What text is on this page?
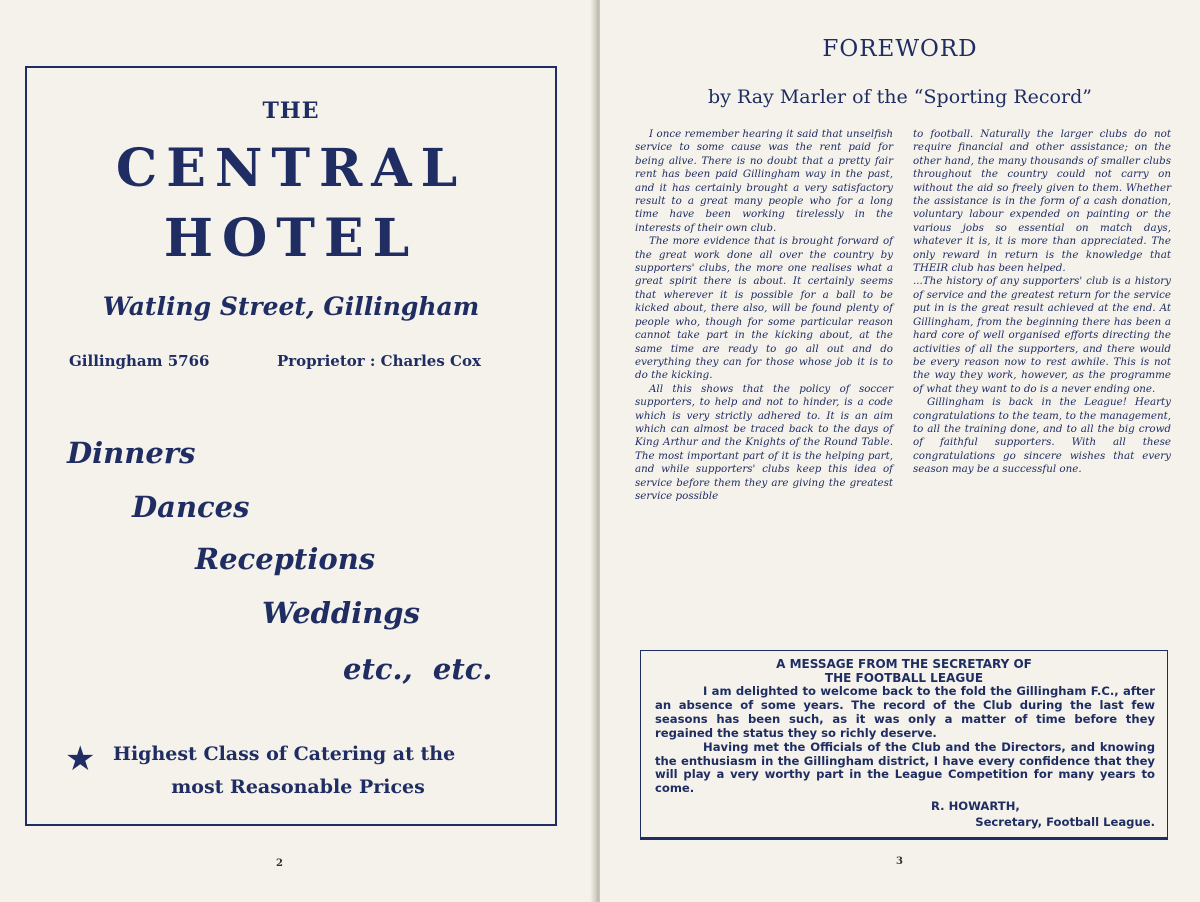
THE
CENTRAL
HOTEL
Watling Street, Gillingham
Gillingham 5766	Proprietor : Charles Cox
Dinners
Dances
Receptions
Weddings
etc.,  etc.
★ Highest Class of Catering at the
most Reasonable Prices
2
FOREWORD
by Ray Marler of the “Sporting Record”

I once remember hearing it said that unselfish service to some cause was the rent paid for being alive. There is no doubt that a pretty fair rent has been paid Gillingham way in the past, and it has certainly brought a very satisfactory result to a great many people who for a long time have been working tirelessly in the interests of their own club.

The more evidence that is brought forward of the great work done all over the country by supporters' clubs, the more one realises what a great spirit there is about. It certainly seems that wherever it is possible for a ball to be kicked about, there also, will be found plenty of people who, though for some particular reason cannot take part in the kicking about, at the same time are ready to go all out and do everything they can for those whose job it is to do the kicking.

All this shows that the policy of soccer supporters, to help and not to hinder, is a code which is very strictly adhered to. It is an aim which can almost be traced back to the days of King Arthur and the Knights of the Round Table. The most important part of it is the helping part, and while supporters' clubs keep this idea of service before them they are giving the greatest service possible

to football. Naturally the larger clubs do not require financial and other assistance; on the other hand, the many thousands of smaller clubs throughout the country could not carry on without the aid so freely given to them. Whether the assistance is in the form of a cash donation, voluntary labour expended on painting or the various jobs so essential on match days, whatever it is, it is more than appreciated. The only reward in return is the knowledge that THEIR club has been helped.

...The history of any supporters' club is a history of service and the greatest return for the service put in is the great result achieved at the end. At Gillingham, from the beginning there has been a hard core of well organised efforts directing the activities of all the supporters, and there would be every reason now to rest awhile. This is not the way they work, however, as the programme of what they want to do is a never ending one.

Gillingham is back in the League! Hearty congratulations to the team, to the management, to all the training done, and to all the big crowd of faithful supporters. With all these congratulations go sincere wishes that every season may be a successful one.

A MESSAGE FROM THE SECRETARY OF
THE FOOTBALL LEAGUE

I am delighted to welcome back to the fold the Gillingham F.C., after an absence of some years. The record of the Club during the last few seasons has been such, as it was only a matter of time before they regained the status they so richly deserve.

Having met the Officials of the Club and the Directors, and knowing the enthusiasm in the Gillingham district, I have every confidence that they will play a very worthy part in the League Competition for many years to come.

R. HOWARTH,
Secretary, Football League.
3
